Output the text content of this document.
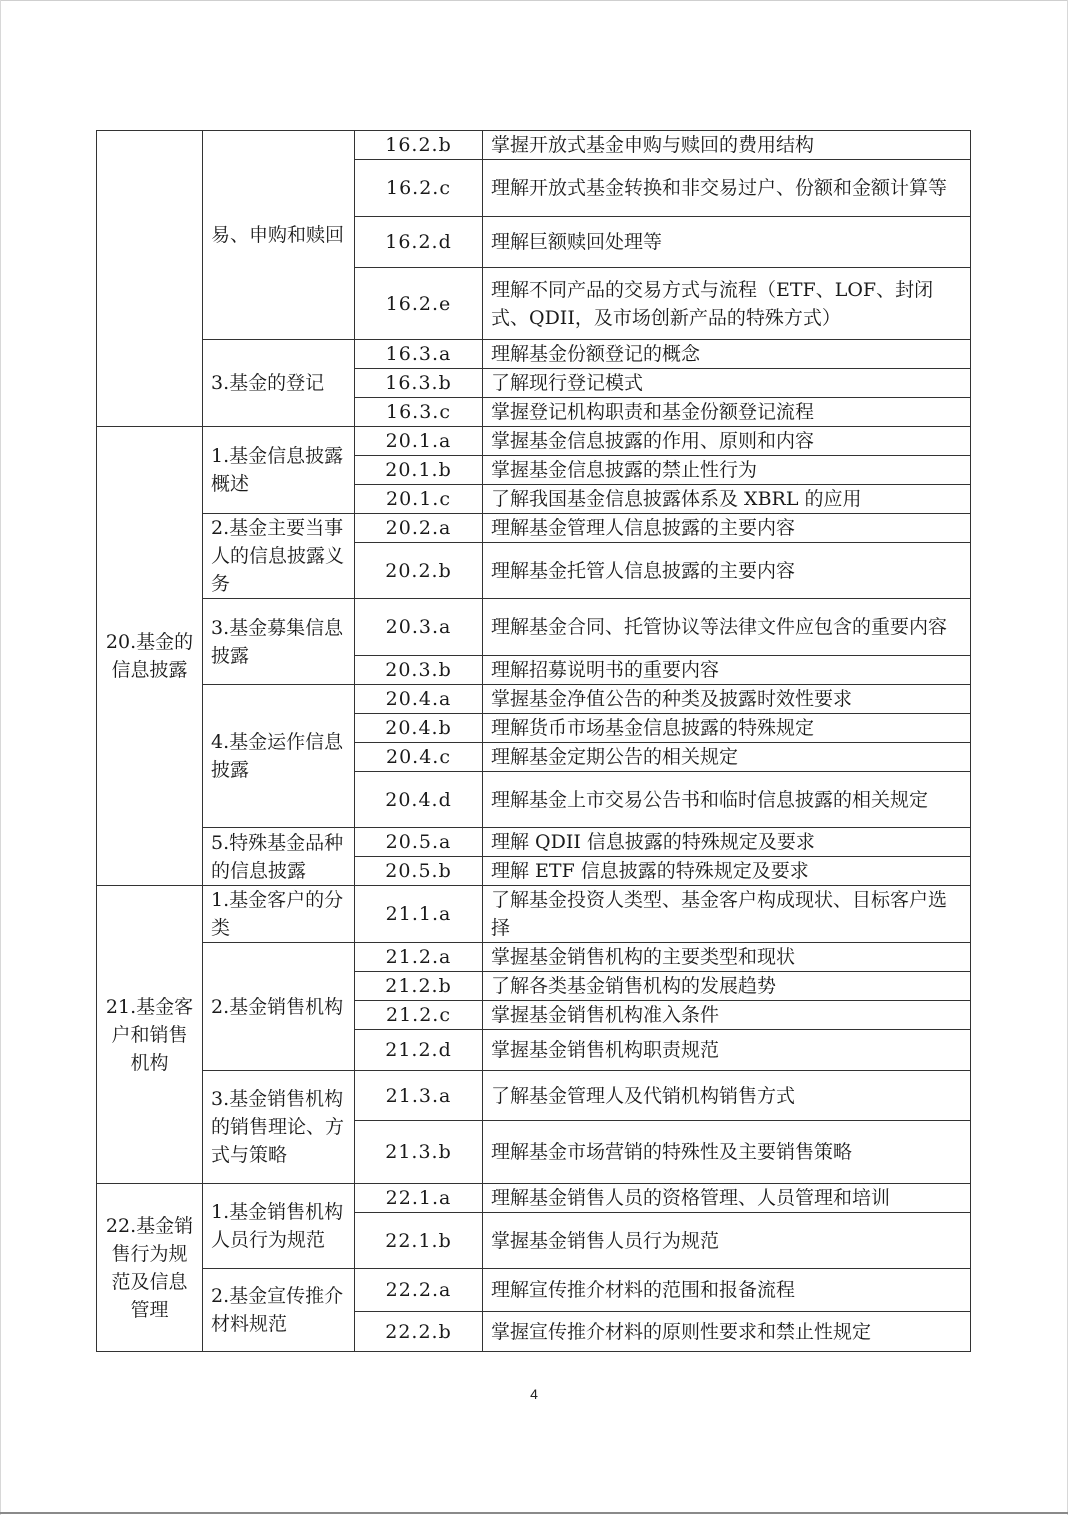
	易、申购和赎回	16.2.b	掌握开放式基金申购与赎回的费用结构
		16.2.c	理解开放式基金转换和非交易过户、份额和金额计算等
		16.2.d	理解巨额赎回处理等
		16.2.e	理解不同产品的交易方式与流程（ETF、LOF、封闭式、QDII，及市场创新产品的特殊方式）
	3.基金的登记	16.3.a	理解基金份额登记的概念
		16.3.b	了解现行登记模式
		16.3.c	掌握登记机构职责和基金份额登记流程
20.基金的信息披露	1.基金信息披露概述	20.1.a	掌握基金信息披露的作用、原则和内容
		20.1.b	掌握基金信息披露的禁止性行为
		20.1.c	了解我国基金信息披露体系及 XBRL 的应用
	2.基金主要当事人的信息披露义务	20.2.a	理解基金管理人信息披露的主要内容
		20.2.b	理解基金托管人信息披露的主要内容
	3.基金募集信息披露	20.3.a	理解基金合同、托管协议等法律文件应包含的重要内容
		20.3.b	理解招募说明书的重要内容
	4.基金运作信息披露	20.4.a	掌握基金净值公告的种类及披露时效性要求
		20.4.b	理解货币市场基金信息披露的特殊规定
		20.4.c	理解基金定期公告的相关规定
		20.4.d	理解基金上市交易公告书和临时信息披露的相关规定
	5.特殊基金品种的信息披露	20.5.a	理解 QDII 信息披露的特殊规定及要求
		20.5.b	理解 ETF 信息披露的特殊规定及要求
21.基金客户和销售机构	1.基金客户的分类	21.1.a	了解基金投资人类型、基金客户构成现状、目标客户选择
	2.基金销售机构	21.2.a	掌握基金销售机构的主要类型和现状
		21.2.b	了解各类基金销售机构的发展趋势
		21.2.c	掌握基金销售机构准入条件
		21.2.d	掌握基金销售机构职责规范
	3.基金销售机构的销售理论、方式与策略	21.3.a	了解基金管理人及代销机构销售方式
		21.3.b	理解基金市场营销的特殊性及主要销售策略
22.基金销售行为规范及信息管理	1.基金销售机构人员行为规范	22.1.a	理解基金销售人员的资格管理、人员管理和培训
		22.1.b	掌握基金销售人员行为规范
	2.基金宣传推介材料规范	22.2.a	理解宣传推介材料的范围和报备流程
		22.2.b	掌握宣传推介材料的原则性要求和禁止性规定
4
